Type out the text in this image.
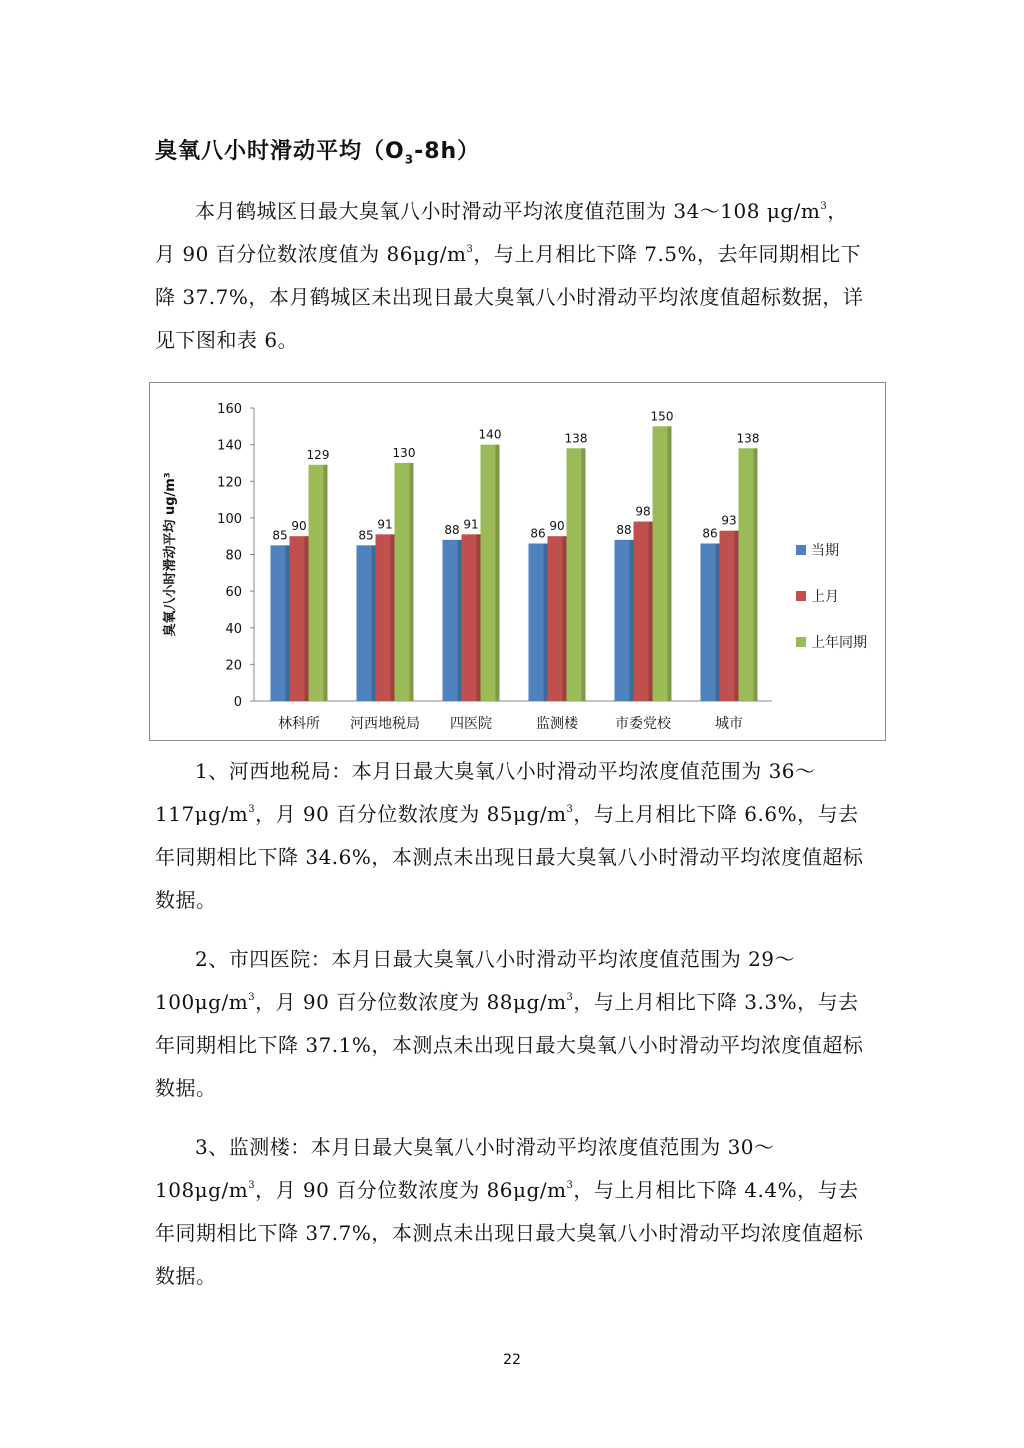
臭氧八小时滑动平均$(O_3-8h)$

本月鹤城区日最大臭氧八小时滑动平均浓度值范围为 34～108 $\mu g/m^3$，月 90 百分位数浓度值为 $86\mu g/m^3$，与上月相比下降 7.5%，去年同期相比下降 37.7%，本月鹤城区未出现日最大臭氧八小时滑动平均浓度值超标数据，详见下图和表 6。

0
20
40
60
80
100
120
140
160
臭氧八小时滑动平均 ug/m³	85
90
129
林科所
85
91
130
河西地税局
88 91
140
四医院
86
90
138
监测楼
88
98
150
市委党校
86
93
138
城市
当期
上月
上年同期

1、河西地税局：本月日最大臭氧八小时滑动平均浓度值范围为 $36\sim 117\mu g/m^3$，月 90 百分位数浓度为 $85\mu g/m^3$，与上月相比下降 6.6%，与去年同期相比下降 34.6%，本测点未出现日最大臭氧八小时滑动平均浓度值超标数据。

2、市四医院：本月日最大臭氧八小时滑动平均浓度值范围为 $29\sim 100\mu g/m^3$，月 90 百分位数浓度为 $88\mu g/m^3$，与上月相比下降 3.3%，与去年同期相比下降 37.1%，本测点未出现日最大臭氧八小时滑动平均浓度值超标数据。

3、监测楼：本月日最大臭氧八小时滑动平均浓度值范围为 $30\sim 108\mu g/m^3$，月 90 百分位数浓度为 $86\mu g/m^3$，与上月相比下降 4.4%，与去年同期相比下降 37.7%，本测点未出现日最大臭氧八小时滑动平均浓度值超标数据。

22
